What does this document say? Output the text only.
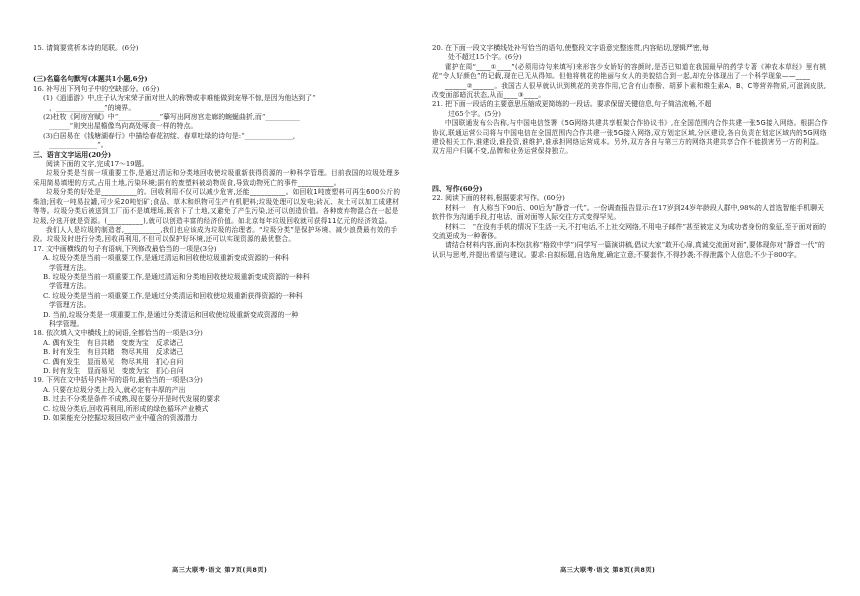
15. 请简要赏析本诗的尾联。(6分)

(三)名篇名句默写(本题共1小题,6分)

16. 补写出下列句子中的空缺部分。(6分)

(1)《逍遥游》中,庄子认为宋荣子面对世人的称赞或非难能做到宠辱不惊,是因为他达到了“

，______________”的境界。

(2)杜牧《阿房宫赋》中“____________”摹写出阿房宫走廊的蜿蜒曲折,而“__________

______”则突出屋檐像鸟向高处啄食一样的特点。

(3)白居易在《钱塘湖春行》中描绘春花初绽、春草吐绿的诗句是:“______________,

______________”。

三、语言文字运用(20分)

阅读下面的文字,完成17～19题。

垃圾分类是当前一项重要工作,是通过清运和分类地回收使垃圾重新获得资源的一种科学管理。目前我国的垃圾处理多采用简易填埋的方式,占用土地,污染环境;据有的废塑料被动物误食,导致动物死亡的事件__________。

垃圾分类的好处是__________的。回收利用不仅可以减少危害,还能__________。如回收1吨废塑料可再生600公斤的柴油;回收一吨易拉罐,可少采20吨铝矿;食品、草木和织物可生产有机肥料;垃圾处理可以发电;砖瓦、灰土可以加工成建材等等。垃圾分类后被送到工厂而不是填埋场,既省下了土地,又避免了产生污染,还可以创造价值。各种废弃物混合在一起是垃圾,分选开就是资源。(__________),就可以创造丰富的经济价值。如北京每年垃圾回收就可获得11亿元的经济效益。

我们人人是垃圾的制造者,__________,我们也应该成为垃圾的治理者。“垃圾分类”是保护环境、减少浪费最有效的手段。垃圾及时进行分类,回收再利用,不但可以保护好环境,还可以实现资源的最优整合。

17. 文中画横线的句子有语病,下列修改最恰当的一项是(3分)

A. 垃圾分类是当前一项重要工作,是通过清运和回收使垃圾重新变成资源的一种科

学管理方法。

B. 垃圾分类是当前一项重要工作,是通过清运和分类地回收使垃圾重新变成资源的一种科

学管理方法。

C. 垃圾分类是当前一项重要工作,是通过分类清运和回收使垃圾重新获得资源的一种科

学管理方法。

D. 当前,垃圾分类是一项重要工作,是通过分类清运和回收使垃圾重新变成资源的一种

科学管理。

18. 依次填入文中横线上的词语,全都恰当的一项是(3分)

A. 偶有发生　有目共睹　变废为宝　反求诸己

B. 时有发生　有目共睹　物尽其用　反求诸己

C. 偶有发生　显而易见　物尽其用　扪心自问

D. 时有发生　显而易见　变废为宝　扪心自问

19. 下列在文中括号内补写的语句,最恰当的一项是(3分)

A. 只要在垃圾分类上投入,就必定有丰厚的产出

B. 过去不分类是条件不成熟,现在要分开是时代发展的要求

C. 垃圾分类后,回收再利用,所形成的绿色循环产业模式

D. 如果能充分挖掘垃圾回收产业中蕴含的资源潜力

20. 在下面一段文字横线处补写恰当的语句,使整段文字语意完整连贯,内容贴切,逻辑严密,每

处不超过15个字。(6分)

霍护在周“____①____”(必须用诗句来填写)来形容少女娇好的容颜时,是否已知道在我国最早的药学专著《神农本草经》里有桃花“令人好颜色”的记载,现在已无从得知。但他将桃花的艳丽与女人的美貌结合到一起,却充分体现出了一个科学现象——____

______②______。我国古人很早就认识到桃花的美容作用,它含有山柰酚、胡萝卜素和维生素A、B、C等营养物质,可滋润皮肤,改变面部暗沉状态,从而____③____。

21. 把下面一段话的主要意思压缩成更简练的一段话。要求保留关键信息,句子简洁流畅,不超

过65个字。(5分)

中国联通发布公告称,与中国电信签署《5G网络共建共享框架合作协议书》,在全国范围内合作共建一张5G接入网络。根据合作协议,联通运营公司将与中国电信在全国范围内合作共建一张5G接入网络,双方划定区域,分区建设,各自负责在划定区域内的5G网络建设相关工作,谁建设,谁投资,谁维护,谁承担网络运营成本。另外,双方各自与第三方的网络共建共享合作不能损害另一方的利益。双方用户归属不变,品牌和业务运营保持独立。

四、写作(60分)

22. 阅读下面的材料,根据要求写作。(60分)

材料一　有人称当下90后、00后为“静音一代”。一份调查报告显示:在17岁到24岁年龄段人群中,98%的人首选智能手机聊天软件作为沟通手段,打电话、面对面等人际交往方式变得罕见。

材料二　“在没有手机的情况下生活一天,不打电话,不上社交网络,不用电子邮件”甚至被定义为成功者身份的象征,至于面对面的交流更成为一种奢侈。

请结合材料内容,面向本校(抗称“格致中学”)同学写一篇演讲稿,倡议大家“敢开心扉,真诚交流面对面”,要体现你对“静音一代”的认识与思考,并提出希望与建议。要求:自拟标题,自选角度,确定立意;不要套作,不得抄袭;不得泄露个人信息;不少于800字。

高三大联考·语文 第7页(共8页)	高三大联考·语文 第8页(共8页)
